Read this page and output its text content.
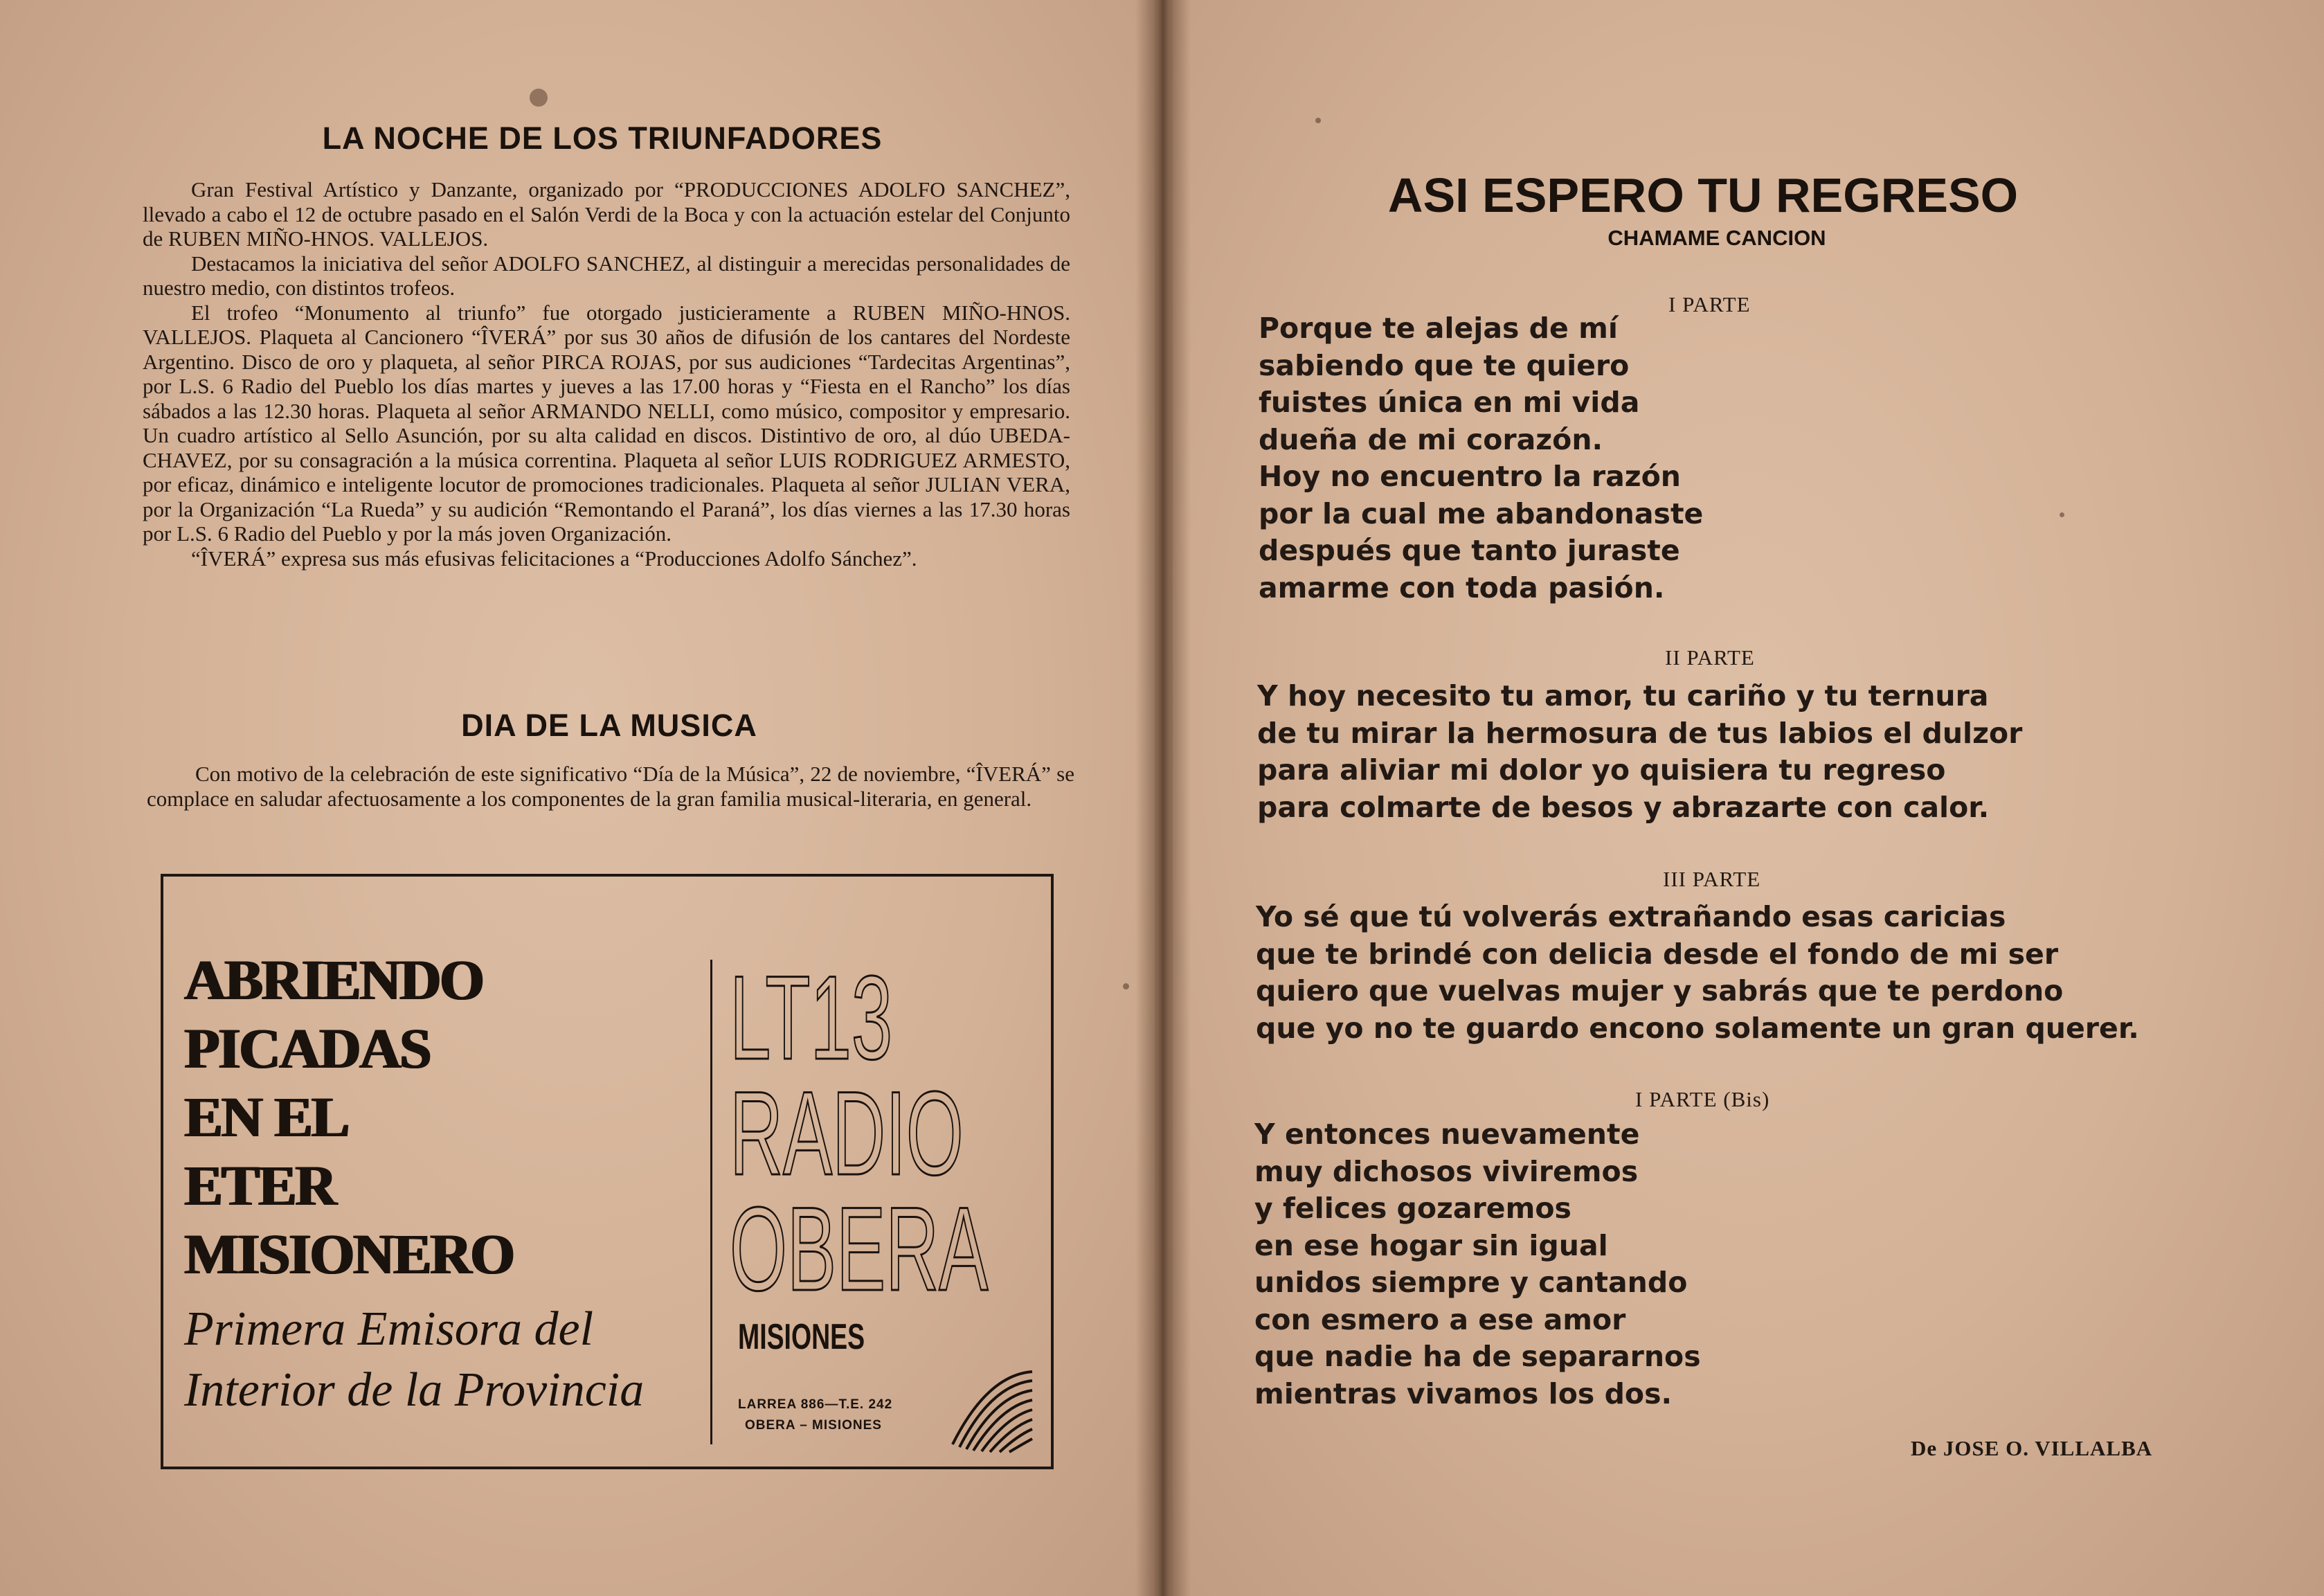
LA NOCHE DE LOS TRIUNFADORES

Gran Festival Artístico y Danzante, organizado por “PRODUCCIONES ADOLFO SANCHEZ”, llevado a cabo el 12 de octubre pasado en el Salón Verdi de la Boca y con la actuación estelar del Conjunto de RUBEN MIÑO-HNOS. VALLEJOS.

Destacamos la iniciativa del señor ADOLFO SANCHEZ, al distinguir a merecidas personalidades de nuestro medio, con distintos trofeos.

El trofeo “Monumento al triunfo” fue otorgado justicieramente a RUBEN MIÑO-HNOS. VALLEJOS. Plaqueta al Cancionero “ÎVERÁ” por sus 30 años de difusión de los cantares del Nordeste Argentino. Disco de oro y plaqueta, al señor PIRCA ROJAS, por sus audiciones “Tardecitas Argentinas”, por L.S. 6 Radio del Pueblo los días martes y jueves a las 17.00 horas y “Fiesta en el Rancho” los días sábados a las 12.30 horas. Plaqueta al señor ARMANDO NELLI, como músico, compositor y empresario. Un cuadro artístico al Sello Asunción, por su alta calidad en discos. Distintivo de oro, al dúo UBEDA-CHAVEZ, por su consagración a la música correntina. Plaqueta al señor LUIS RODRIGUEZ ARMESTO, por eficaz, dinámico e inteligente locutor de promociones tradicionales. Plaqueta al señor JULIAN VERA, por la Organización “La Rueda” y su audición “Remontando el Paraná”, los días viernes a las 17.30 horas por L.S. 6 Radio del Pueblo y por la más joven Organización.

“ÎVERÁ” expresa sus más efusivas felicitaciones a “Producciones Adolfo Sánchez”.

DIA DE LA MUSICA

Con motivo de la celebración de este significativo “Día de la Música”, 22 de noviembre, “ÎVERÁ” se complace en saludar afectuosamente a los componentes de la gran familia musical-literaria, en general.

ABRIENDO
PICADAS
EN EL
ETER
MISIONERO
Primera Emisora del
Interior de la Provincia
LT13
RADIO
OBERA
MISIONES
LARREA 886—T.E. 242
OBERA – MISIONES
ASI ESPERO TU REGRESO
CHAMAME CANCION
I PARTE
Porque te alejas de mí
sabiendo que te quiero
fuistes única en mi vida
dueña de mi corazón.
Hoy no encuentro la razón
por la cual me abandonaste
después que tanto juraste
amarme con toda pasión.
II PARTE
Y hoy necesito tu amor, tu cariño y tu ternura
de tu mirar la hermosura de tus labios el dulzor
para aliviar mi dolor yo quisiera tu regreso
para colmarte de besos y abrazarte con calor.
III PARTE
Yo sé que tú volverás extrañando esas caricias
que te brindé con delicia desde el fondo de mi ser
quiero que vuelvas mujer y sabrás que te perdono
que yo no te guardo encono solamente un gran querer.
I PARTE (Bis)
Y entonces nuevamente
muy dichosos viviremos
y felices gozaremos
en ese hogar sin igual
unidos siempre y cantando
con esmero a ese amor
que nadie ha de separarnos
mientras vivamos los dos.
De JOSE O. VILLALBA
